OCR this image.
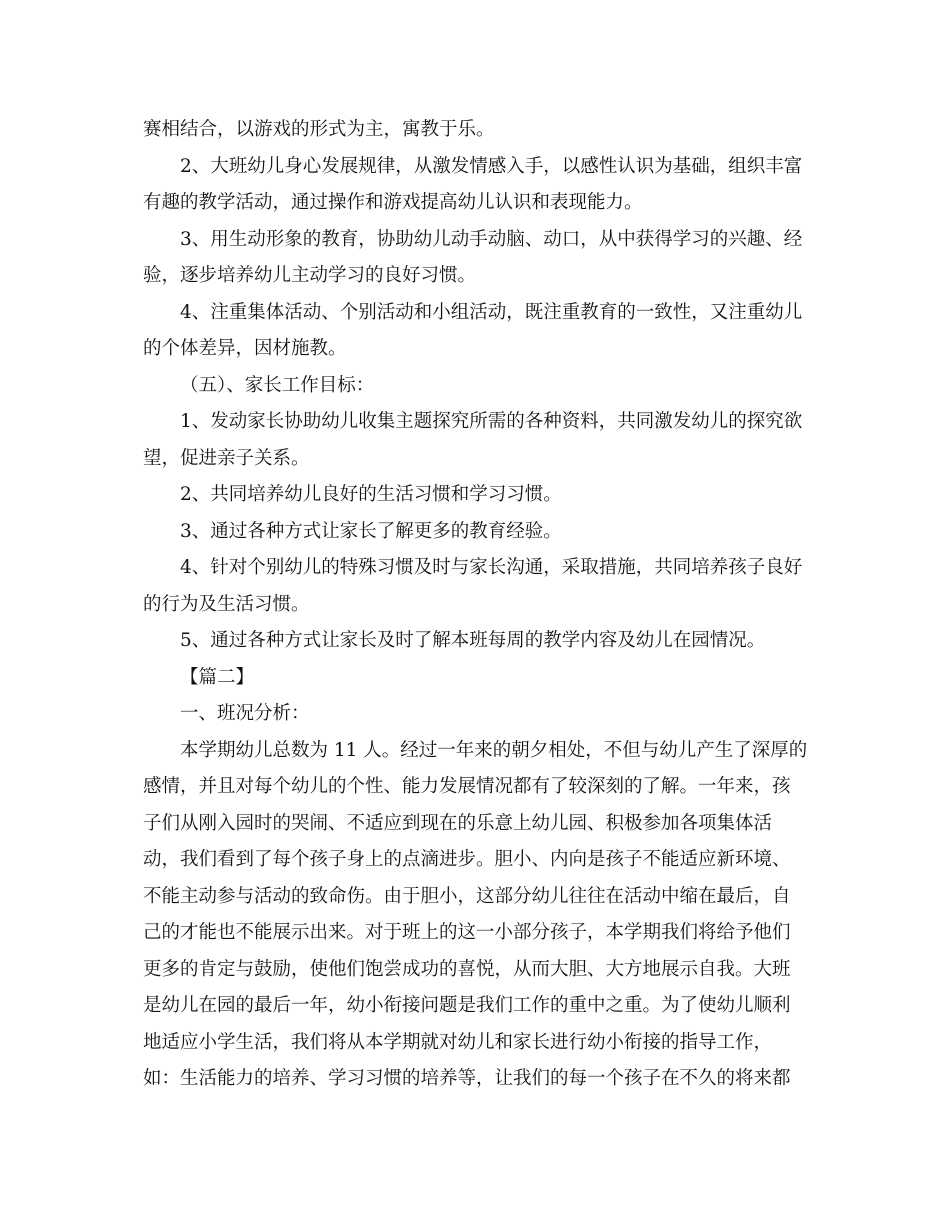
赛相结合，以游戏的形式为主，寓教于乐。

2、大班幼儿身心发展规律，从激发情感入手，以感性认识为基础，组织丰富

有趣的教学活动，通过操作和游戏提高幼儿认识和表现能力。

3、用生动形象的教育，协助幼儿动手动脑、动口，从中获得学习的兴趣、经

验，逐步培养幼儿主动学习的良好习惯。

4、注重集体活动、个别活动和小组活动，既注重教育的一致性，又注重幼儿

的个体差异，因材施教。

（五）、家长工作目标：

1、发动家长协助幼儿收集主题探究所需的各种资料，共同激发幼儿的探究欲

望，促进亲子关系。

2、共同培养幼儿良好的生活习惯和学习习惯。

3、通过各种方式让家长了解更多的教育经验。

4、针对个别幼儿的特殊习惯及时与家长沟通，采取措施，共同培养孩子良好

的行为及生活习惯。

5、通过各种方式让家长及时了解本班每周的教学内容及幼儿在园情况。

【篇二】

一、班况分析：

本学期幼儿总数为 11 人。经过一年来的朝夕相处，不但与幼儿产生了深厚的

感情，并且对每个幼儿的个性、能力发展情况都有了较深刻的了解。一年来，孩

子们从刚入园时的哭闹、不适应到现在的乐意上幼儿园、积极参加各项集体活

动，我们看到了每个孩子身上的点滴进步。胆小、内向是孩子不能适应新环境、

不能主动参与活动的致命伤。由于胆小，这部分幼儿往往在活动中缩在最后，自

己的才能也不能展示出来。对于班上的这一小部分孩子，本学期我们将给予他们

更多的肯定与鼓励，使他们饱尝成功的喜悦，从而大胆、大方地展示自我。大班

是幼儿在园的最后一年，幼小衔接问题是我们工作的重中之重。为了使幼儿顺利

地适应小学生活，我们将从本学期就对幼儿和家长进行幼小衔接的指导工作，

如：生活能力的培养、学习习惯的培养等，让我们的每一个孩子在不久的将来都
